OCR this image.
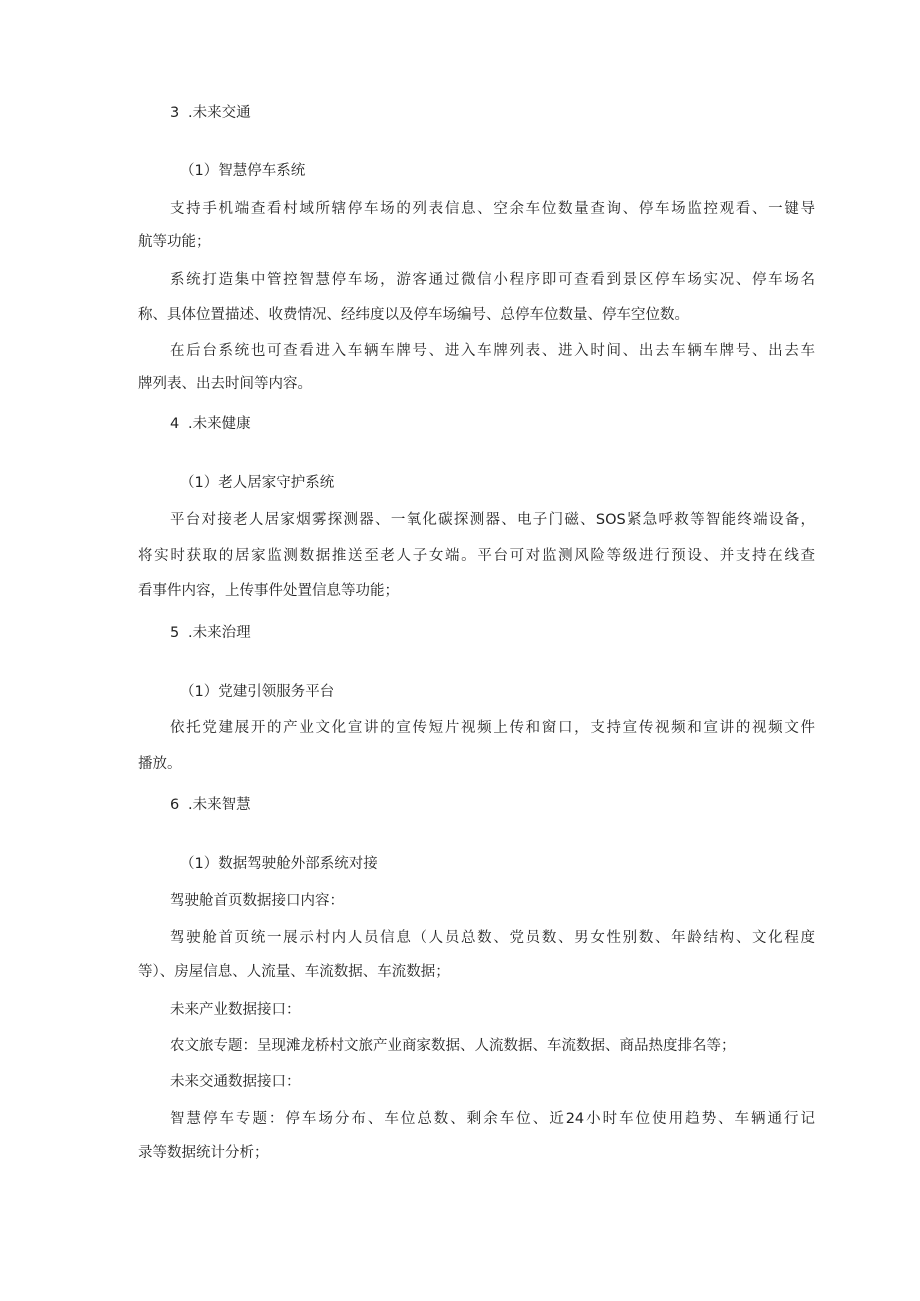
3 .未来交通
（1）智慧停车系统
支持手机端查看村域所辖停车场的列表信息、空余车位数量查询、停车场监控观看、一键导
航等功能；
系统打造集中管控智慧停车场，游客通过微信小程序即可查看到景区停车场实况、停车场名
称、具体位置描述、收费情况、经纬度以及停车场编号、总停车位数量、停车空位数。
在后台系统也可查看进入车辆车牌号、进入车牌列表、进入时间、出去车辆车牌号、出去车
牌列表、出去时间等内容。
4 .未来健康
（1）老人居家守护系统
平台对接老人居家烟雾探测器、一氧化碳探测器、电子门磁、SOS紧急呼救等智能终端设备，
将实时获取的居家监测数据推送至老人子女端。平台可对监测风险等级进行预设、并支持在线查
看事件内容，上传事件处置信息等功能；
5 .未来治理
（1）党建引领服务平台
依托党建展开的产业文化宣讲的宣传短片视频上传和窗口，支持宣传视频和宣讲的视频文件
播放。
6 .未来智慧
（1）数据驾驶舱外部系统对接
驾驶舱首页数据接口内容：
驾驶舱首页统一展示村内人员信息（人员总数、党员数、男女性别数、年龄结构、文化程度
等）、房屋信息、人流量、车流数据、车流数据；
未来产业数据接口：
农文旅专题：呈现滩龙桥村文旅产业商家数据、人流数据、车流数据、商品热度排名等；
未来交通数据接口：
智慧停车专题：停车场分布、车位总数、剩余车位、近24小时车位使用趋势、车辆通行记
录等数据统计分析；
